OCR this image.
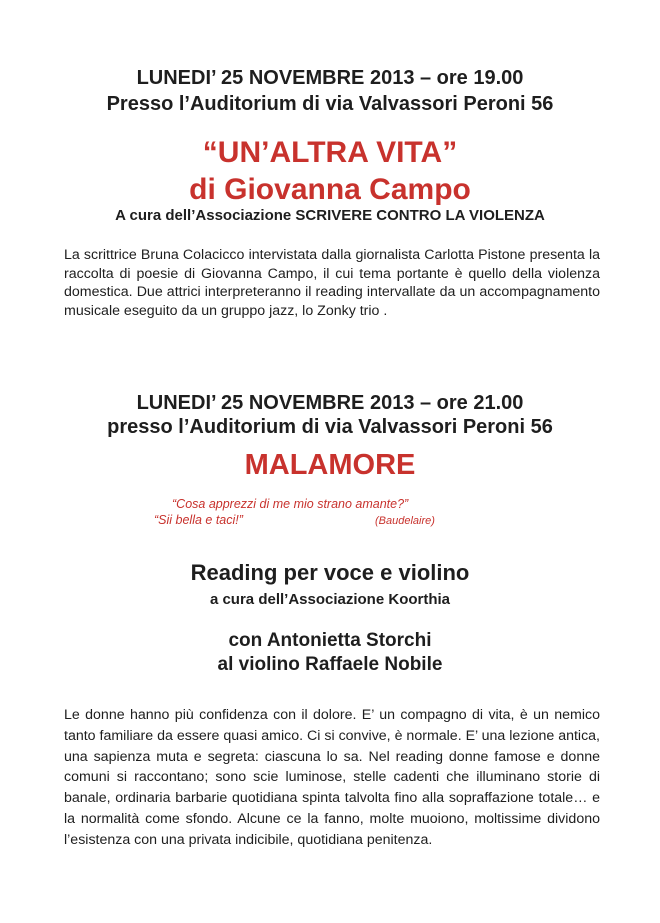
LUNEDI’ 25 NOVEMBRE 2013 – ore 19.00
Presso l’Auditorium di via Valvassori Peroni 56
“UN’ALTRA VITA”
di Giovanna Campo
A cura dell’Associazione SCRIVERE CONTRO LA VIOLENZA
La scrittrice Bruna Colacicco intervistata dalla giornalista Carlotta Pistone presenta la raccolta di poesie di Giovanna Campo, il cui tema portante è quello della violenza domestica. Due attrici interpreteranno il reading intervallate da un accompagnamento musicale eseguito da un gruppo jazz, lo Zonky trio .
LUNEDI’ 25 NOVEMBRE 2013 – ore 21.00
presso l’Auditorium di via Valvassori Peroni 56
MALAMORE
“Cosa apprezzi di me mio strano amante?”
“Sii bella e taci!”	(Baudelaire)
Reading per voce e violino
a cura dell’Associazione Koorthia
con Antonietta Storchi
al violino Raffaele Nobile
Le donne hanno più confidenza con il dolore. E’ un compagno di vita, è un nemico tanto familiare da essere quasi amico. Ci si convive, è normale. E’ una lezione antica, una sapienza muta e segreta: ciascuna lo sa. Nel reading donne famose e donne comuni si raccontano; sono scie luminose, stelle cadenti che illuminano storie di banale, ordinaria barbarie quotidiana spinta talvolta fino alla sopraffazione totale… e la normalità come sfondo. Alcune ce la fanno, molte muoiono, moltissime dividono l’esistenza con una privata indicibile, quotidiana penitenza.
